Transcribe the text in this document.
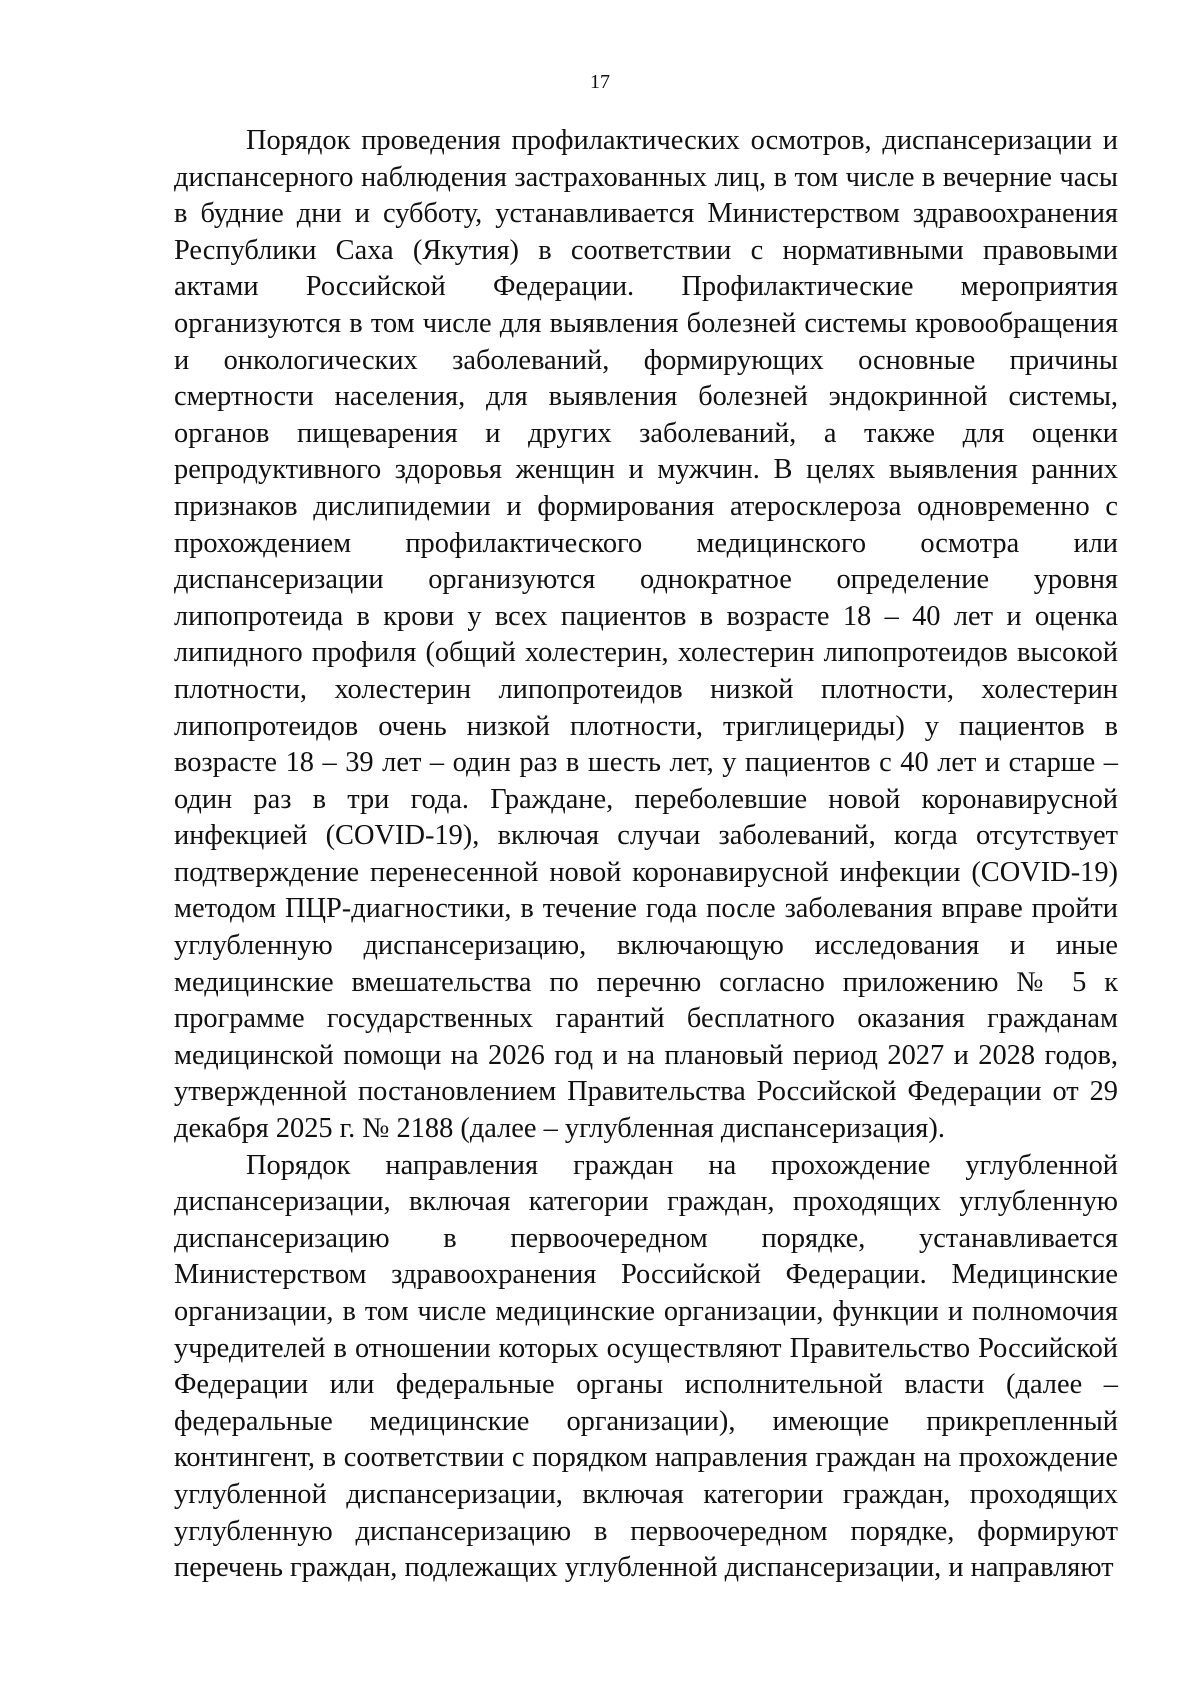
17

Порядок проведения профилактических осмотров, диспансеризации и диспансерного наблюдения застрахованных лиц, в том числе в вечерние часы в будние дни и субботу, устанавливается Министерством здравоохранения Республики Саха (Якутия) в соответствии с нормативными правовыми актами Российской Федерации. Профилактические мероприятия организуются в том числе для выявления болезней системы кровообращения и онкологических заболеваний, формирующих основные причины смертности населения, для выявления болезней эндокринной системы, органов пищеварения и других заболеваний, а также для оценки репродуктивного здоровья женщин и мужчин. В целях выявления ранних признаков дислипидемии и формирования атеросклероза одновременно с прохождением профилактического медицинского осмотра или диспансеризации организуются однократное определение уровня липопротеида в крови у всех пациентов в возрасте 18 – 40 лет и оценка липидного профиля (общий холестерин, холестерин липопротеидов высокой плотности, холестерин липопротеидов низкой плотности, холестерин липопротеидов очень низкой плотности, триглицериды) у пациентов в возрасте 18 – 39 лет – один раз в шесть лет, у пациентов с 40 лет и старше – один раз в три года. Граждане, переболевшие новой коронавирусной инфекцией (COVID-19), включая случаи заболеваний, когда отсутствует подтверждение перенесенной новой коронавирусной инфекции (COVID-19) методом ПЦР-диагностики, в течение года после заболевания вправе пройти углубленную диспансеризацию, включающую исследования и иные медицинские вмешательства по перечню согласно приложению № 5 к программе государственных гарантий бесплатного оказания гражданам медицинской помощи на 2026 год и на плановый период 2027 и 2028 годов, утвержденной постановлением Правительства Российской Федерации от 29 декабря 2025 г. № 2188 (далее – углубленная диспансеризация).

Порядок направления граждан на прохождение углубленной диспансеризации, включая категории граждан, проходящих углубленную диспансеризацию в первоочередном порядке, устанавливается Министерством здравоохранения Российской Федерации. Медицинские организации, в том числе медицинские организации, функции и полномочия учредителей в отношении которых осуществляют Правительство Российской Федерации или федеральные органы исполнительной власти (далее – федеральные медицинские организации), имеющие прикрепленный контингент, в соответствии с порядком направления граждан на прохождение углубленной диспансеризации, включая категории граждан, проходящих углубленную диспансеризацию в первоочередном порядке, формируют перечень граждан, подлежащих углубленной диспансеризации, и направляют
